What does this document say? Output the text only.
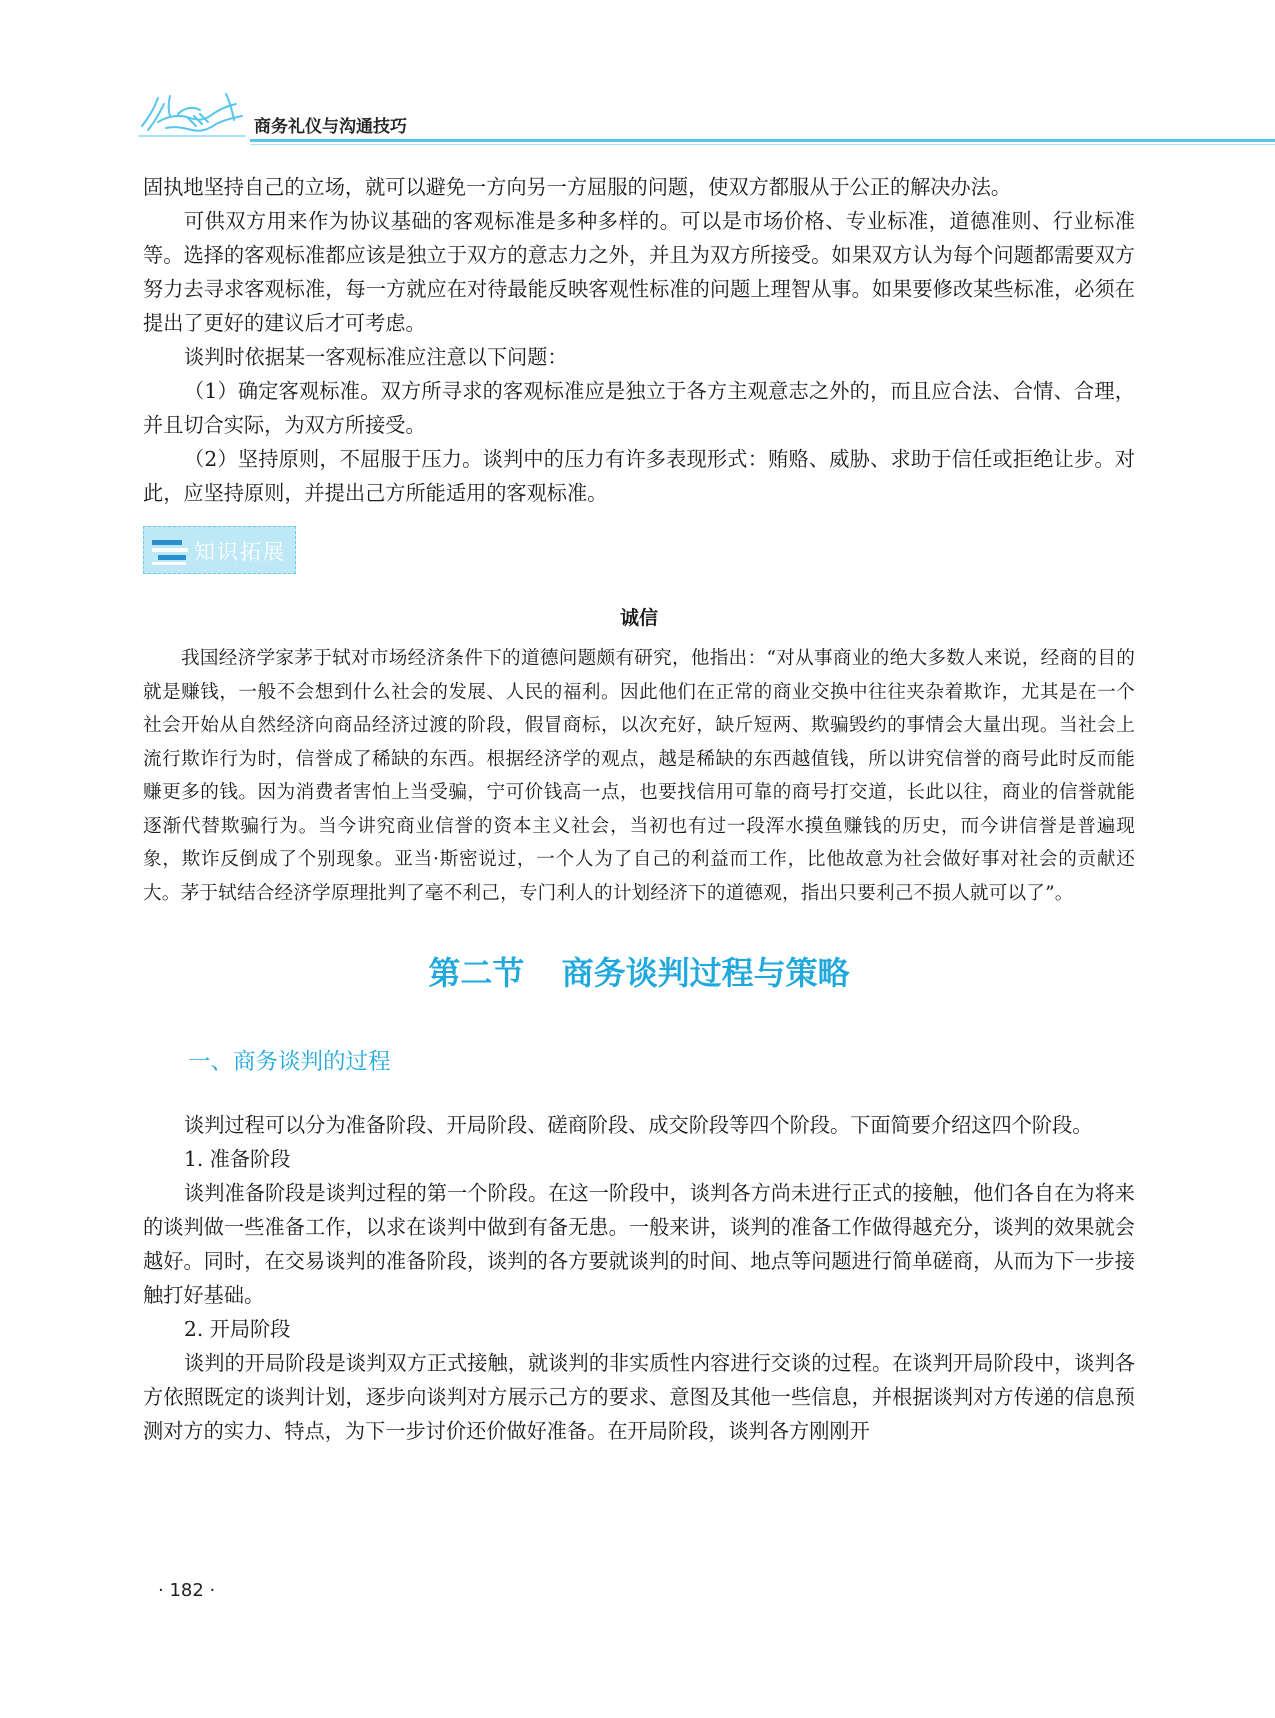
商务礼仪与沟通技巧

固执地坚持自己的立场，就可以避免一方向另一方屈服的问题，使双方都服从于公正的解决办法。

可供双方用来作为协议基础的客观标准是多种多样的。可以是市场价格、专业标准，道德准则、行业标准等。选择的客观标准都应该是独立于双方的意志力之外，并且为双方所接受。如果双方认为每个问题都需要双方努力去寻求客观标准，每一方就应在对待最能反映客观性标准的问题上理智从事。如果要修改某些标准，必须在提出了更好的建议后才可考虑。

谈判时依据某一客观标准应注意以下问题：

（1）确定客观标准。双方所寻求的客观标准应是独立于各方主观意志之外的，而且应合法、合情、合理，并且切合实际，为双方所接受。

（2）坚持原则，不屈服于压力。谈判中的压力有许多表现形式：贿赂、威胁、求助于信任或拒绝让步。对此，应坚持原则，并提出己方所能适用的客观标准。

知识拓展
诚信

我国经济学家茅于轼对市场经济条件下的道德问题颇有研究，他指出：“对从事商业的绝大多数人来说，经商的目的就是赚钱，一般不会想到什么社会的发展、人民的福利。因此他们在正常的商业交换中往往夹杂着欺诈，尤其是在一个社会开始从自然经济向商品经济过渡的阶段，假冒商标，以次充好，缺斤短两、欺骗毁约的事情会大量出现。当社会上流行欺诈行为时，信誉成了稀缺的东西。根据经济学的观点，越是稀缺的东西越值钱，所以讲究信誉的商号此时反而能赚更多的钱。因为消费者害怕上当受骗，宁可价钱高一点，也要找信用可靠的商号打交道，长此以往，商业的信誉就能逐渐代替欺骗行为。当今讲究商业信誉的资本主义社会，当初也有过一段浑水摸鱼赚钱的历史，而今讲信誉是普遍现象，欺诈反倒成了个别现象。亚当·斯密说过，一个人为了自己的利益而工作，比他故意为社会做好事对社会的贡献还大。茅于轼结合经济学原理批判了毫不利己，专门利人的计划经济下的道德观，指出只要利己不损人就可以了”。

第二节 商务谈判过程与策略
一、商务谈判的过程

谈判过程可以分为准备阶段、开局阶段、磋商阶段、成交阶段等四个阶段。下面简要介绍这四个阶段。

1. 准备阶段

谈判准备阶段是谈判过程的第一个阶段。在这一阶段中，谈判各方尚未进行正式的接触，他们各自在为将来的谈判做一些准备工作，以求在谈判中做到有备无患。一般来讲，谈判的准备工作做得越充分，谈判的效果就会越好。同时，在交易谈判的准备阶段，谈判的各方要就谈判的时间、地点等问题进行简单磋商，从而为下一步接触打好基础。

2. 开局阶段

谈判的开局阶段是谈判双方正式接触，就谈判的非实质性内容进行交谈的过程。在谈判开局阶段中，谈判各方依照既定的谈判计划，逐步向谈判对方展示己方的要求、意图及其他一些信息，并根据谈判对方传递的信息预测对方的实力、特点，为下一步讨价还价做好准备。在开局阶段，谈判各方刚刚开

· 182 ·
